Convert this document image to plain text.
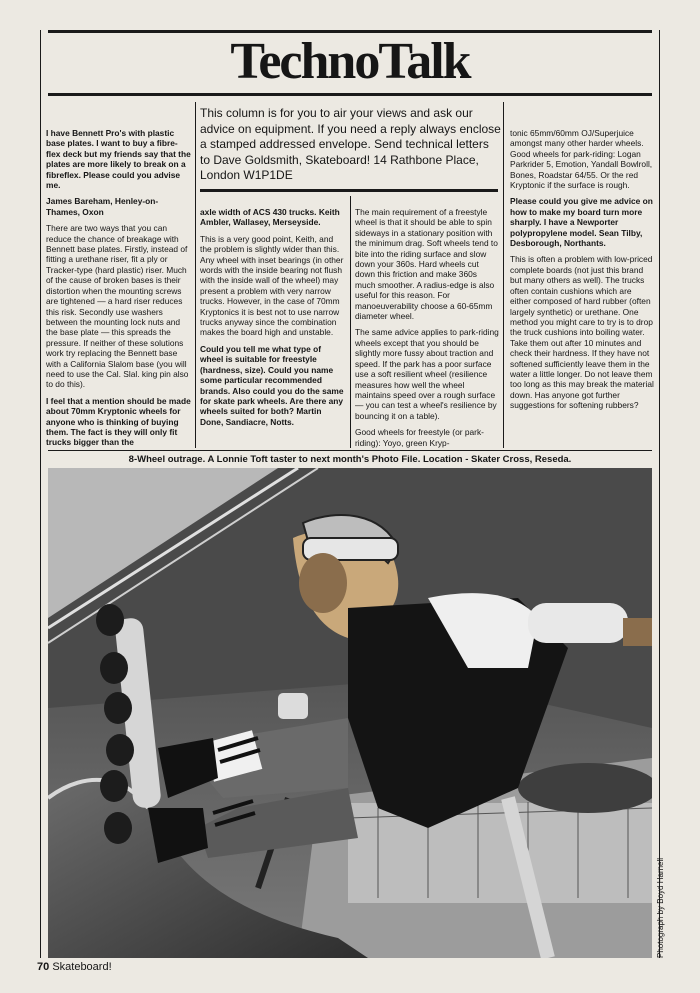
TechnoTalk

This column is for you to air your views and ask our advice on equipment. If you need a reply always enclose a stamped addressed envelope. Send technical letters to Dave Goldsmith, Skateboard! 14 Rathbone Place, London W1P1DE

I have Bennett Pro's with plastic base plates. I want to buy a fibre-flex deck but my friends say that the plates are more likely to break on a fibreflex. Please could you advise me.

James Bareham, Henley-on-Thames, Oxon

There are two ways that you can reduce the chance of breakage with Bennett base plates. Firstly, instead of fitting a urethane riser, fit a ply or Tracker-type (hard plastic) riser. Much of the cause of broken bases is their distortion when the mounting screws are tightened — a hard riser reduces this risk. Secondly use washers between the mounting lock nuts and the base plate — this spreads the pressure. If neither of these solutions work try replacing the Bennett base with a California Slalom base (you will need to use the Cal. Slal. king pin also to do this).

I feel that a mention should be made about 70mm Kryptonic wheels for anyone who is thinking of buying them. The fact is they will only fit trucks bigger than the

axle width of ACS 430 trucks. Keith Ambler, Wallasey, Merseyside.

This is a very good point, Keith, and the problem is slightly wider than this. Any wheel with inset bearings (in other words with the inside bearing not flush with the inside wall of the wheel) may present a problem with very narrow trucks. However, in the case of 70mm Kryptonics it is best not to use narrow trucks anyway since the combination makes the board high and unstable.

Could you tell me what type of wheel is suitable for freestyle (hardness, size). Could you name some particular recommended brands. Also could you do the same for skate park wheels. Are there any wheels suited for both? Martin Done, Sandiacre, Notts.

The main requirement of a freestyle wheel is that it should be able to spin sideways in a stationary position with the minimum drag. Soft wheels tend to bite into the riding surface and slow down your 360s. Hard wheels cut down this friction and make 360s much smoother. A radius-edge is also useful for this reason. For manoeuverability choose a 60-65mm diameter wheel.

The same advice applies to park-riding wheels except that you should be slightly more fussy about traction and speed. If the park has a poor surface use a soft resilient wheel (resilience measures how well the wheel maintains speed over a rough surface — you can test a wheel's resilience by bouncing it on a table).

Good wheels for freestyle (or park-riding): Yoyo, green Kryp-

tonic 65mm/60mm OJ/Superjuice amongst many other harder wheels. Good wheels for park-riding: Logan Parkrider 5, Emotion, Yandall Bowlroll, Bones, Roadstar 64/55. Or the red Kryptonic if the surface is rough.

Please could you give me advice on how to make my board turn more sharply. I have a Newporter polypropylene model. Sean Tilby, Desborough, Northants.

This is often a problem with low-priced complete boards (not just this brand but many others as well). The trucks often contain cushions which are either composed of hard rubber (often largely synthetic) or urethane. One method you might care to try is to drop the truck cushions into boiling water. Take them out after 10 minutes and check their hardness. If they have not softened sufficiently leave them in the water a little longer. Do not leave them too long as this may break the material down. Has anyone got further suggestions for softening rubbers?

8-Wheel outrage. A Lonnie Toft taster to next month's Photo File. Location - Skater Cross, Reseda.

Photograph by Boyd Harnell

70 Skateboard!
